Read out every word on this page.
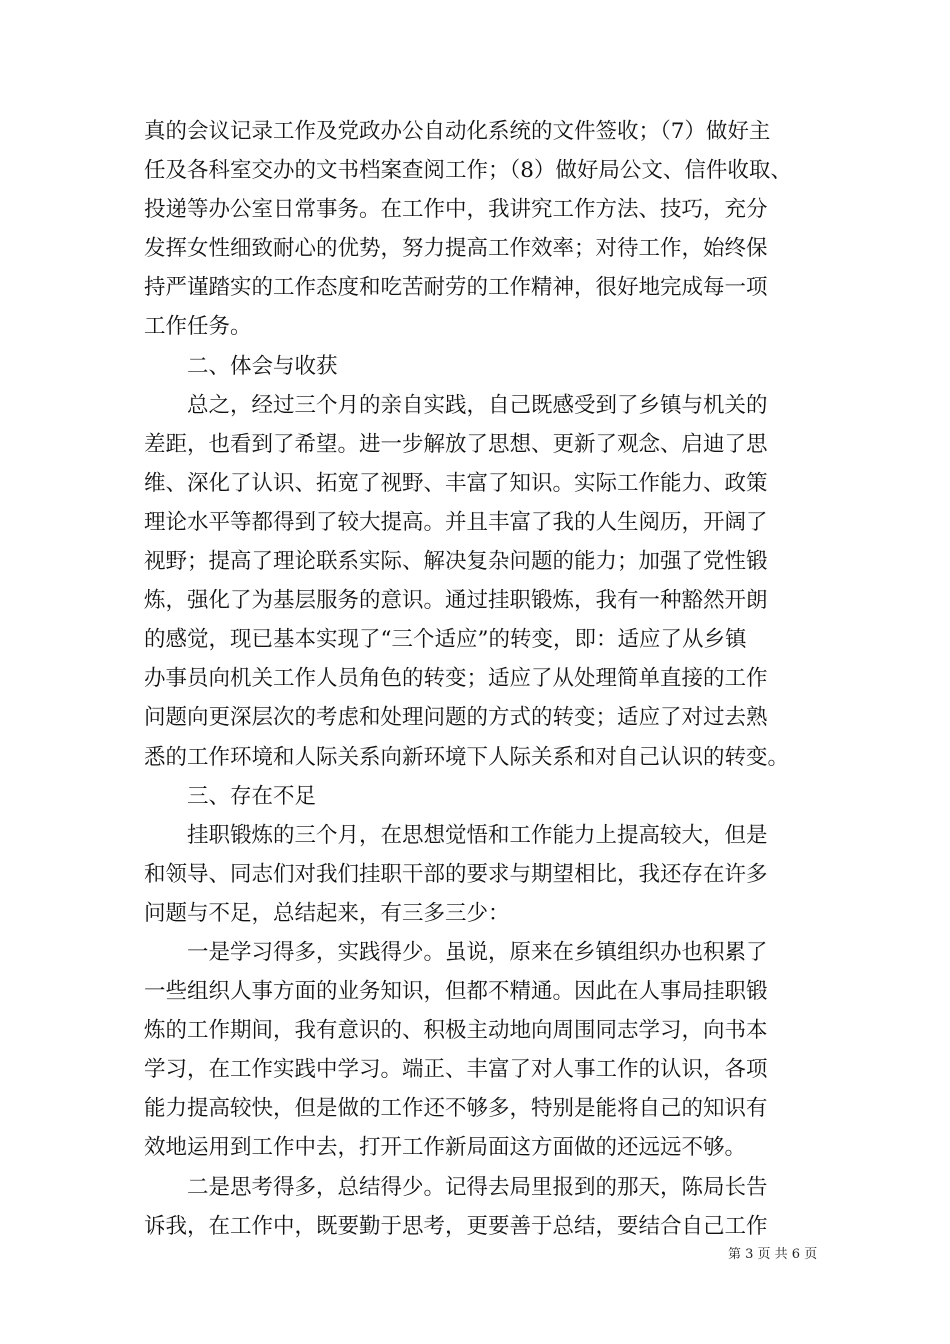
真的会议记录工作及党政办公自动化系统的文件签收；（7）做好主
任及各科室交办的文书档案查阅工作；（8）做好局公文、信件收取、
投递等办公室日常事务。在工作中，我讲究工作方法、技巧，充分
发挥女性细致耐心的优势，努力提高工作效率；对待工作，始终保
持严谨踏实的工作态度和吃苦耐劳的工作精神，很好地完成每一项
工作任务。
二、体会与收获
总之，经过三个月的亲自实践，自己既感受到了乡镇与机关的
差距，也看到了希望。进一步解放了思想、更新了观念、启迪了思
维、深化了认识、拓宽了视野、丰富了知识。实际工作能力、政策
理论水平等都得到了较大提高。并且丰富了我的人生阅历，开阔了
视野；提高了理论联系实际、解决复杂问题的能力；加强了党性锻
炼，强化了为基层服务的意识。通过挂职锻炼，我有一种豁然开朗
的感觉，现已基本实现了“三个适应”的转变，即：适应了从乡镇
办事员向机关工作人员角色的转变；适应了从处理简单直接的工作
问题向更深层次的考虑和处理问题的方式的转变；适应了对过去熟
悉的工作环境和人际关系向新环境下人际关系和对自己认识的转变。
三、存在不足
挂职锻炼的三个月，在思想觉悟和工作能力上提高较大，但是
和领导、同志们对我们挂职干部的要求与期望相比，我还存在许多
问题与不足，总结起来，有三多三少：
一是学习得多，实践得少。虽说，原来在乡镇组织办也积累了
一些组织人事方面的业务知识，但都不精通。因此在人事局挂职锻
炼的工作期间，我有意识的、积极主动地向周围同志学习，向书本
学习，在工作实践中学习。端正、丰富了对人事工作的认识，各项
能力提高较快，但是做的工作还不够多，特别是能将自己的知识有
效地运用到工作中去，打开工作新局面这方面做的还远远不够。
二是思考得多，总结得少。记得去局里报到的那天，陈局长告
诉我，在工作中，既要勤于思考，更要善于总结，要结合自己工作
第 3 页 共 6 页
